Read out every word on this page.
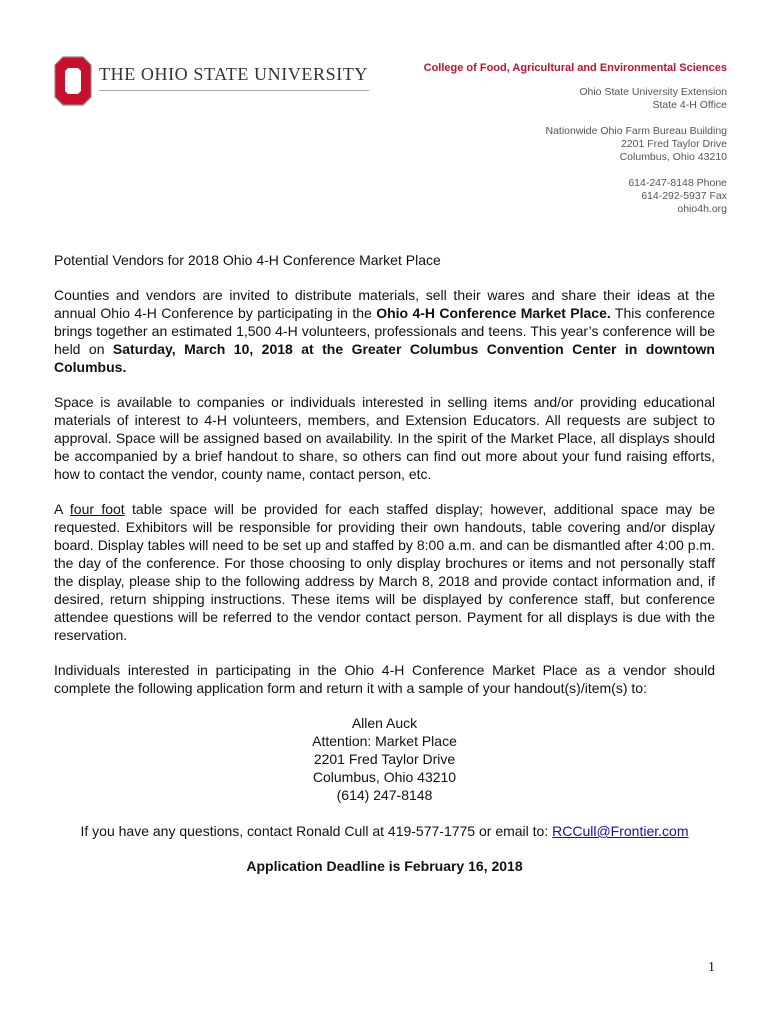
THE OHIO STATE UNIVERSITY	College of Food, Agricultural and Environmental Sciences
Ohio State University Extension
State 4-H Office
Nationwide Ohio Farm Bureau Building
2201 Fred Taylor Drive
Columbus, Ohio 43210
614-247-8148 Phone
614-292-5937 Fax
ohio4h.org
Potential Vendors for 2018 Ohio 4-H Conference Market Place

Counties and vendors are invited to distribute materials, sell their wares and share their ideas at the annual Ohio 4-H Conference by participating in the Ohio 4-H Conference Market Place. This conference brings together an estimated 1,500 4-H volunteers, professionals and teens. This year’s conference will be held on Saturday, March 10, 2018 at the Greater Columbus Convention Center in downtown Columbus.

Space is available to companies or individuals interested in selling items and/or providing educational materials of interest to 4-H volunteers, members, and Extension Educators. All requests are subject to approval. Space will be assigned based on availability. In the spirit of the Market Place, all displays should be accompanied by a brief handout to share, so others can find out more about your fund raising efforts, how to contact the vendor, county name, contact person, etc.

A four foot table space will be provided for each staffed display; however, additional space may be requested. Exhibitors will be responsible for providing their own handouts, table covering and/or display board. Display tables will need to be set up and staffed by 8:00 a.m. and can be dismantled after 4:00 p.m. the day of the conference. For those choosing to only display brochures or items and not personally staff the display, please ship to the following address by March 8, 2018 and provide contact information and, if desired, return shipping instructions. These items will be displayed by conference staff, but conference attendee questions will be referred to the vendor contact person. Payment for all displays is due with the reservation.

Individuals interested in participating in the Ohio 4-H Conference Market Place as a vendor should complete the following application form and return it with a sample of your handout(s)/item(s) to:

Allen Auck
Attention: Market Place
2201 Fred Taylor Drive
Columbus, Ohio 43210
(614) 247-8148
If you have any questions, contact Ronald Cull at 419-577-1775 or email to: RCCull@Frontier.com
Application Deadline is February 16, 2018
1
